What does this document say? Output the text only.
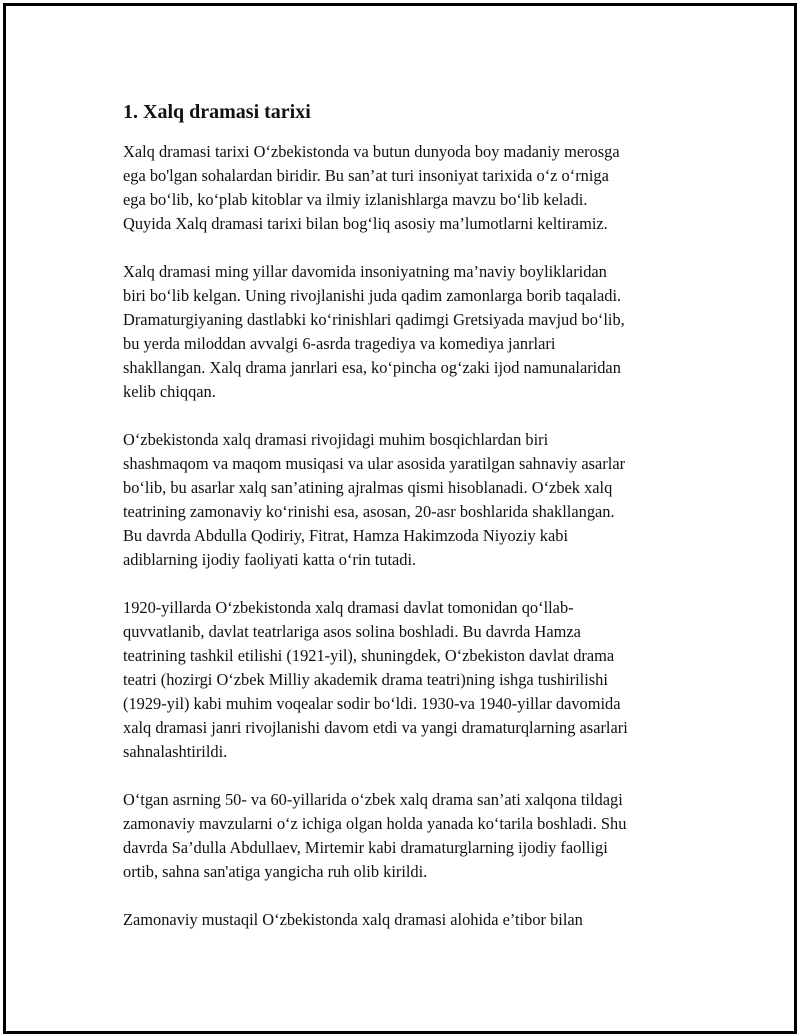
1. Xalq dramasi tarixi

Xalq dramasi tarixi O‘zbekistonda va butun dunyoda boy madaniy merosga
ega bo'lgan sohalardan biridir. Bu san’at turi insoniyat tarixida o‘z o‘rniga
ega bo‘lib, ko‘plab kitoblar va ilmiy izlanishlarga mavzu bo‘lib keladi.
Quyida Xalq dramasi tarixi bilan bog‘liq asosiy ma’lumotlarni keltiramiz.

Xalq dramasi ming yillar davomida insoniyatning ma’naviy boyliklaridan
biri bo‘lib kelgan. Uning rivojlanishi juda qadim zamonlarga borib taqaladi.
Dramaturgiyaning dastlabki ko‘rinishlari qadimgi Gretsiyada mavjud bo‘lib,
bu yerda miloddan avvalgi 6-asrda tragediya va komediya janrlari
shakllangan. Xalq drama janrlari esa, ko‘pincha og‘zaki ijod namunalaridan
kelib chiqqan.

O‘zbekistonda xalq dramasi rivojidagi muhim bosqichlardan biri
shashmaqom va maqom musiqasi va ular asosida yaratilgan sahnaviy asarlar
bo‘lib, bu asarlar xalq san’atining ajralmas qismi hisoblanadi. O‘zbek xalq
teatrining zamonaviy ko‘rinishi esa, asosan, 20-asr boshlarida shakllangan.
Bu davrda Abdulla Qodiriy, Fitrat, Hamza Hakimzoda Niyoziy kabi
adiblarning ijodiy faoliyati katta o‘rin tutadi.

1920-yillarda O‘zbekistonda xalq dramasi davlat tomonidan qo‘llab-
quvvatlanib, davlat teatrlariga asos solina boshladi. Bu davrda Hamza
teatrining tashkil etilishi (1921-yil), shuningdek, O‘zbekiston davlat drama
teatri (hozirgi O‘zbek Milliy akademik drama teatri)ning ishga tushirilishi
(1929-yil) kabi muhim voqealar sodir bo‘ldi. 1930-va 1940-yillar davomida
xalq dramasi janri rivojlanishi davom etdi va yangi dramaturqlarning asarlari
sahnalashtirildi.

O‘tgan asrning 50- va 60-yillarida o‘zbek xalq drama san’ati xalqona tildagi
zamonaviy mavzularni o‘z ichiga olgan holda yanada ko‘tarila boshladi. Shu
davrda Sa’dulla Abdullaev, Mirtemir kabi dramaturglarning ijodiy faolligi
ortib, sahna san'atiga yangicha ruh olib kirildi.

Zamonaviy mustaqil O‘zbekistonda xalq dramasi alohida e’tibor bilan
